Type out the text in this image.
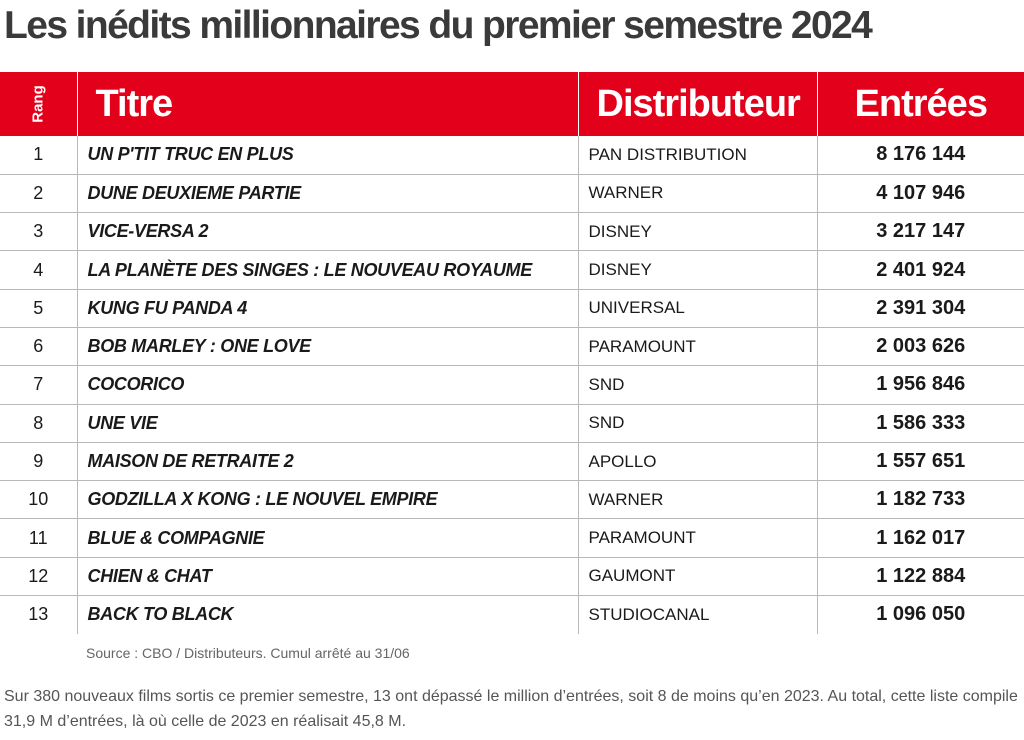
Les inédits millionnaires du premier semestre 2024
Rang	Titre	Distributeur	Entrées
1	UN P'TIT TRUC EN PLUS	PAN DISTRIBUTION	8 176 144
2	DUNE DEUXIEME PARTIE	WARNER	4 107 946
3	VICE-VERSA 2	DISNEY	3 217 147
4	LA PLANÈTE DES SINGES : LE NOUVEAU ROYAUME	DISNEY	2 401 924
5	KUNG FU PANDA 4	UNIVERSAL	2 391 304
6	BOB MARLEY : ONE LOVE	PARAMOUNT	2 003 626
7	COCORICO	SND	1 956 846
8	UNE VIE	SND	1 586 333
9	MAISON DE RETRAITE 2	APOLLO	1 557 651
10	GODZILLA X KONG : LE NOUVEL EMPIRE	WARNER	1 182 733
11	BLUE & COMPAGNIE	PARAMOUNT	1 162 017
12	CHIEN & CHAT	GAUMONT	1 122 884
13	BACK TO BLACK	STUDIOCANAL	1 096 050
Source : CBO / Distributeurs. Cumul arrêté au 31/06
Sur 380 nouveaux films sortis ce premier semestre, 13 ont dépassé le million d’entrées, soit 8 de moins qu’en 2023. Au total, cette liste compile 31,9 M d’entrées, là où celle de 2023 en réalisait 45,8 M.
